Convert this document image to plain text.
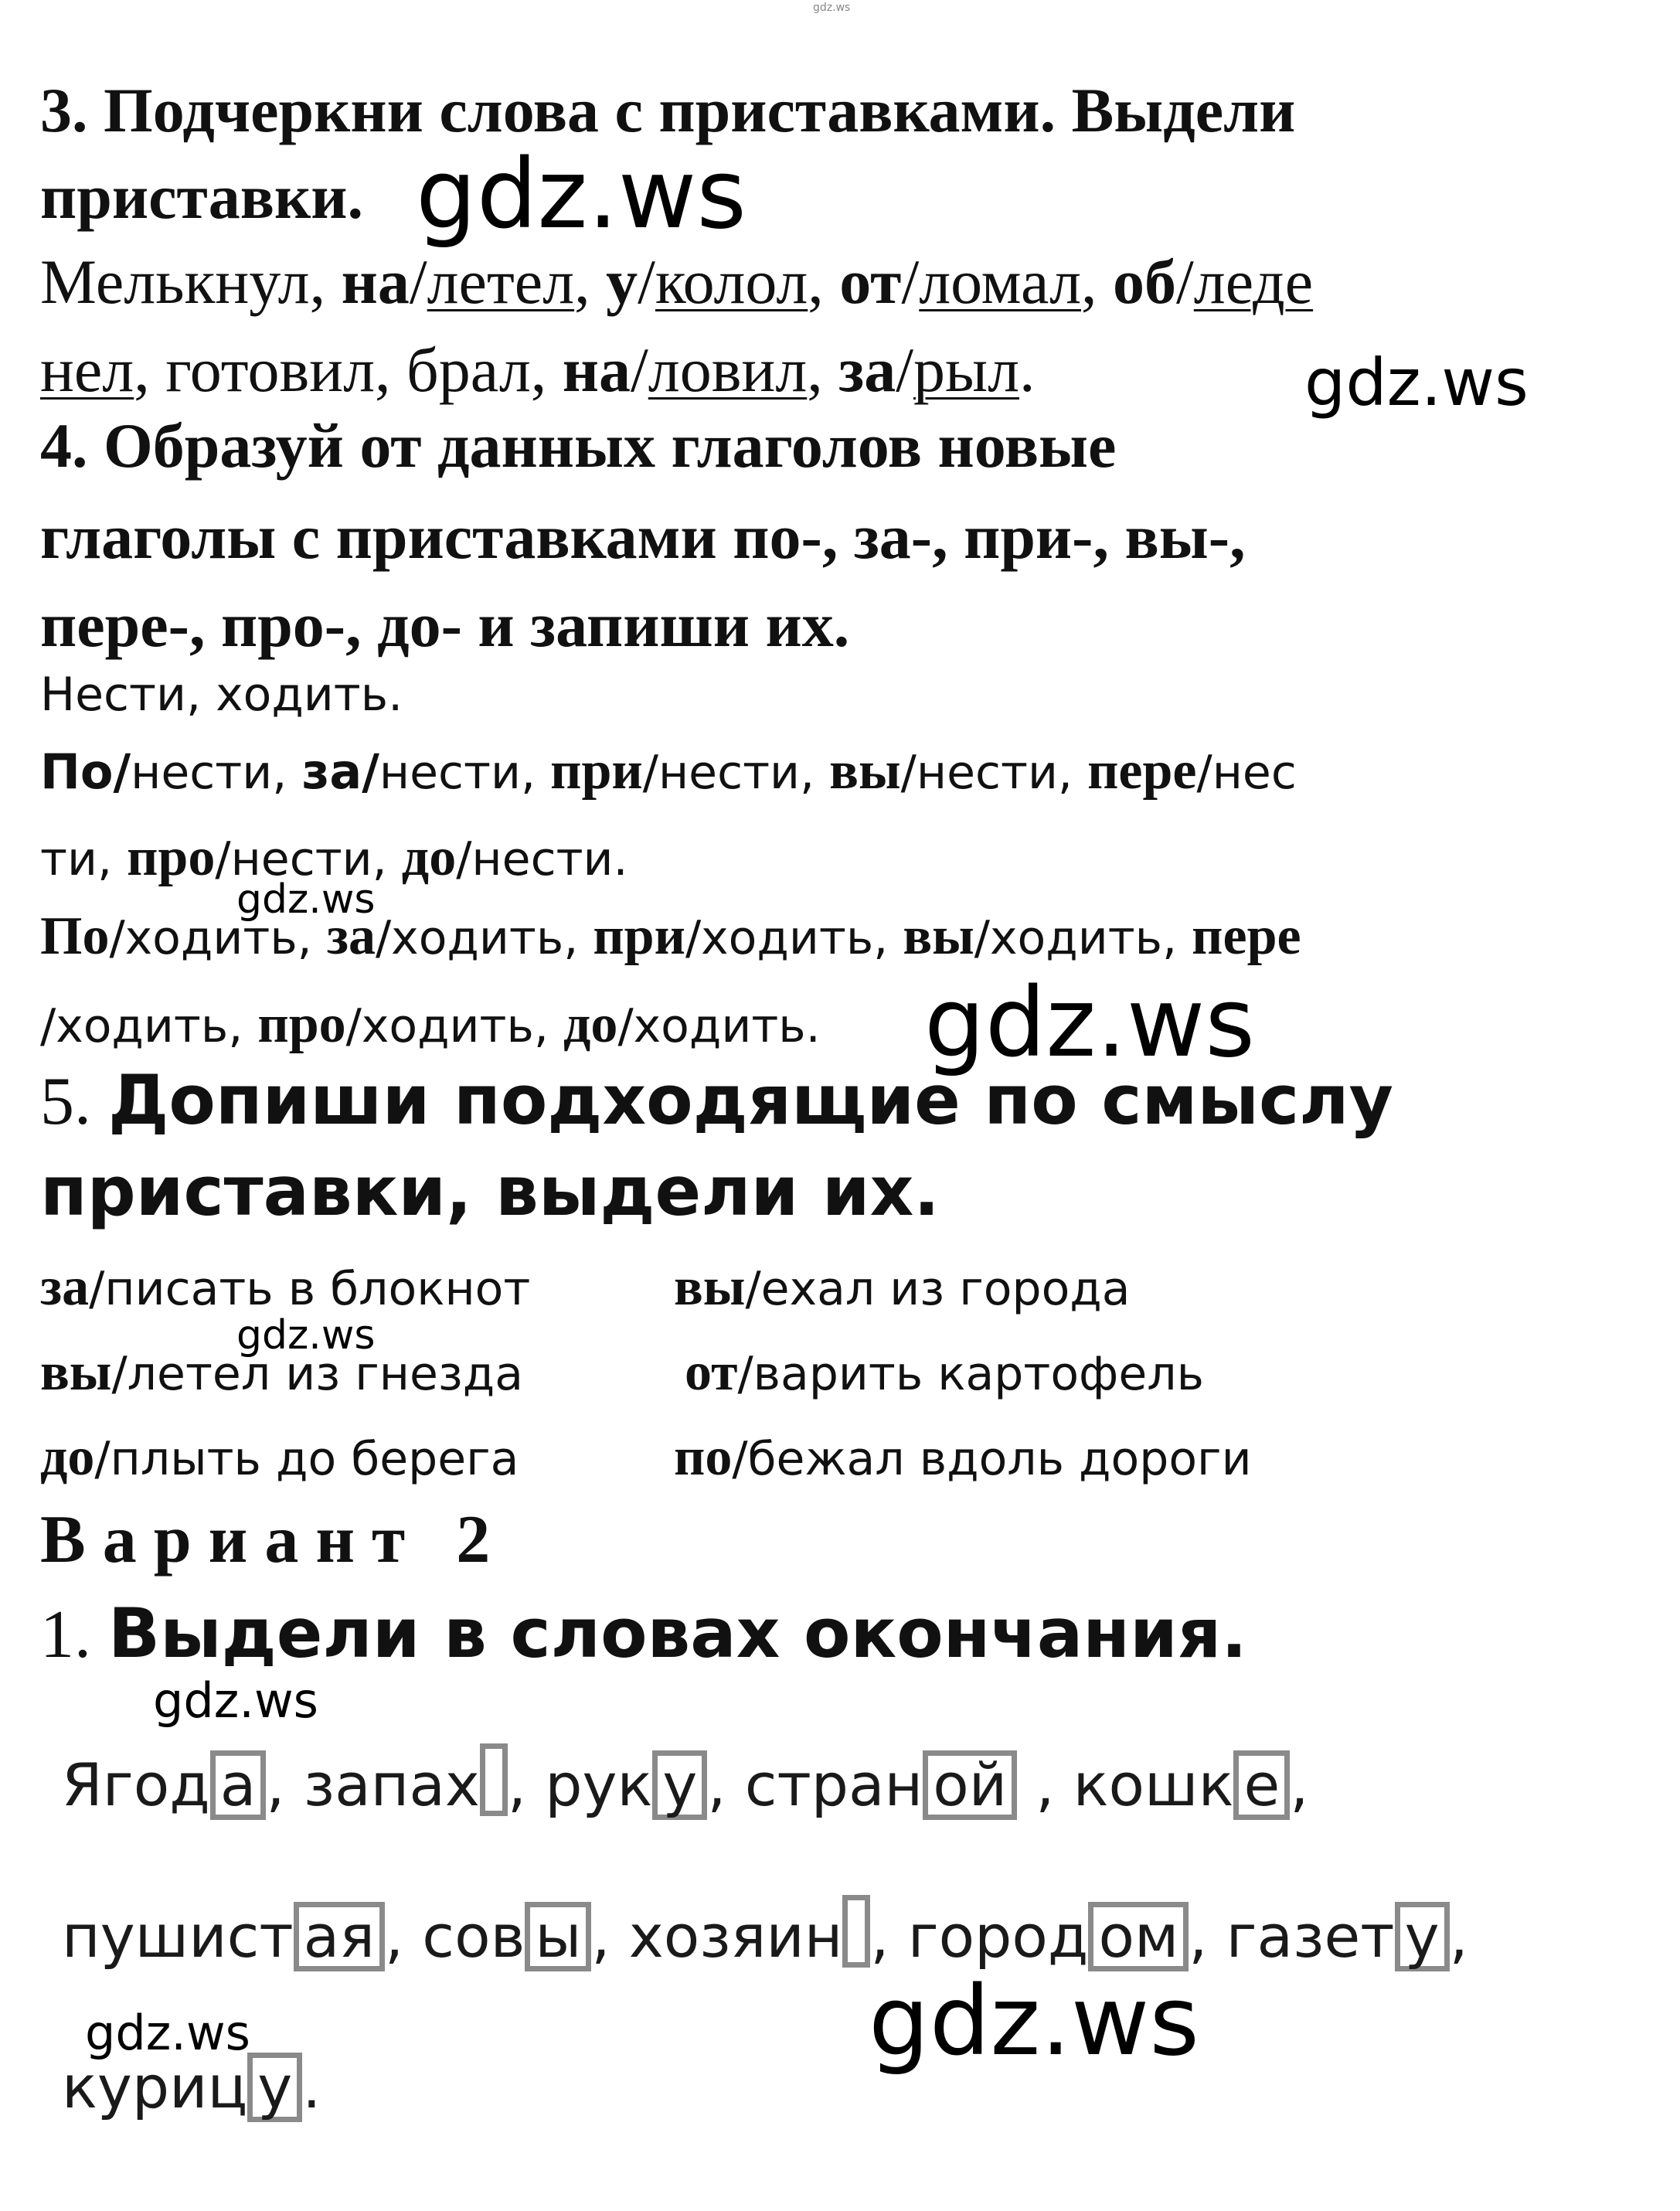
gdz.ws
3. Подчеркни слова с приставками. Выдели
приставки. gdz.ws
Мелькнул, на/летел, у/колол, от/ломал, об/леде
нел, готовил, брал, на/ловил, за/рыл.	gdz.ws
4. Образуй от данных глаголов новые
глаголы с приставками по-, за-, при-, вы-,
пере-, про-, до- и запиши их.
Нести, ходить.
По/нести, за/нести, при/нести, вы/нести, пере/нес
ти, про/нести, до/нести.
gdz.ws
По/ходить, за/ходить, при/ходить, вы/ходить, пере
/ходить, про/ходить, до/ходить. gdz.ws
5. Допиши подходящие по смыслу
приставки, выдели их.
за/писать в блокнот
вы/летел из гнезда
до/плыть до берега
вы/ехал из города
от/варить картофель
по/бежал вдоль дороги
gdz.ws
В а р и а н т   2
1. Выдели в словах окончания.
gdz.ws
Ягод а , запах , рук у , стран ой , кошк е ,
пушист ая , сов ы , хозяин , город ом , газет у ,
gdz.ws	gdz.ws
куриц у .
